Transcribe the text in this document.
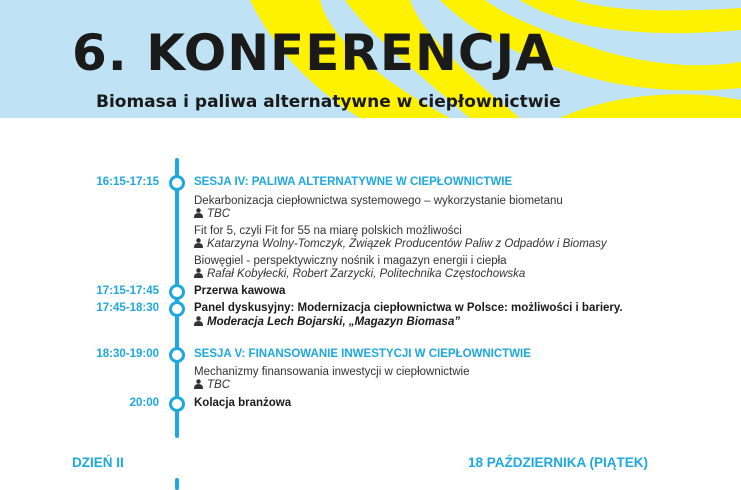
6. KONFERENCJA
Biomasa i paliwa alternatywne w ciepłownictwie
16:15-17:15	SESJA IV: PALIWA ALTERNATYWNE W CIEPŁOWNICTWIE
Dekarbonizacja ciepłownictwa systemowego – wykorzystanie biometanu
TBC
Fit for 5, czyli Fit for 55 na miarę polskich możliwości
Katarzyna Wolny-Tomczyk, Związek Producentów Paliw z Odpadów i Biomasy
Biowęgiel - perspektywiczny nośnik i magazyn energii i ciepła
Rafał Kobyłecki, Robert Zarzycki, Politechnika Częstochowska
17:15-17:45	Przerwa kawowa
17:45-18:30	Panel dyskusyjny: Modernizacja ciepłownictwa w Polsce: możliwości i bariery.
Moderacja Lech Bojarski, „Magazyn Biomasa”
18:30-19:00	SESJA V: FINANSOWANIE INWESTYCJI W CIEPŁOWNICTWIE
Mechanizmy finansowania inwestycji w ciepłownictwie
TBC
20:00	Kolacja branżowa
DZIEŃ II	18 PAŹDZIERNIKA (PIĄTEK)
